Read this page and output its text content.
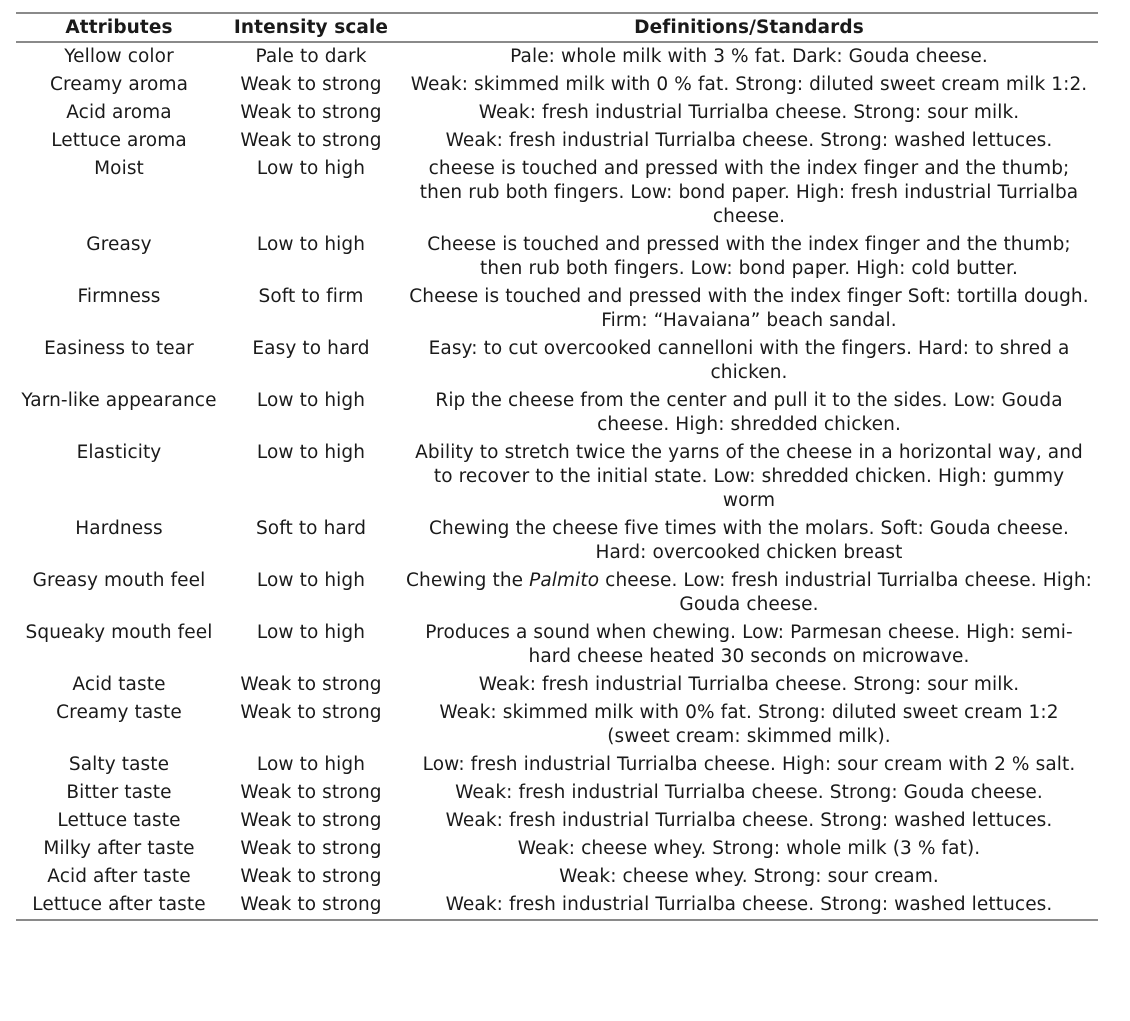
Attributes	Intensity scale	Definitions/Standards
Yellow color	Pale to dark	Pale: whole milk with 3 % fat. Dark: Gouda cheese.
Creamy aroma	Weak to strong	Weak: skimmed milk with 0 % fat. Strong: diluted sweet cream milk 1:2.
Acid aroma	Weak to strong	Weak: fresh industrial Turrialba cheese. Strong: sour milk.
Lettuce aroma	Weak to strong	Weak: fresh industrial Turrialba cheese. Strong: washed lettuces.
Moist	Low to high	cheese is touched and pressed with the index finger and the thumb; then rub both fingers. Low: bond paper. High: fresh industrial Turrialba cheese.
Greasy	Low to high	Cheese is touched and pressed with the index finger and the thumb; then rub both fingers. Low: bond paper. High: cold butter.
Firmness	Soft to firm	Cheese is touched and pressed with the index finger Soft: tortilla dough. Firm: “Havaiana” beach sandal.
Easiness to tear	Easy to hard	Easy: to cut overcooked cannelloni with the fingers. Hard: to shred a chicken.
Yarn-like appearance	Low to high	Rip the cheese from the center and pull it to the sides. Low: Gouda cheese. High: shredded chicken.
Elasticity	Low to high	Ability to stretch twice the yarns of the cheese in a horizontal way, and to recover to the initial state. Low: shredded chicken. High: gummy worm
Hardness	Soft to hard	Chewing the cheese five times with the molars. Soft: Gouda cheese. Hard: overcooked chicken breast
Greasy mouth feel	Low to high	Chewing the Palmito cheese. Low: fresh industrial Turrialba cheese. High: Gouda cheese.
Squeaky mouth feel	Low to high	Produces a sound when chewing. Low: Parmesan cheese. High: semi-hard cheese heated 30 seconds on microwave.
Acid taste	Weak to strong	Weak: fresh industrial Turrialba cheese. Strong: sour milk.
Creamy taste	Weak to strong	Weak: skimmed milk with 0% fat. Strong: diluted sweet cream 1:2 (sweet cream: skimmed milk).
Salty taste	Low to high	Low: fresh industrial Turrialba cheese. High: sour cream with 2 % salt.
Bitter taste	Weak to strong	Weak: fresh industrial Turrialba cheese. Strong: Gouda cheese.
Lettuce taste	Weak to strong	Weak: fresh industrial Turrialba cheese. Strong: washed lettuces.
Milky after taste	Weak to strong	Weak: cheese whey. Strong: whole milk (3 % fat).
Acid after taste	Weak to strong	Weak: cheese whey. Strong: sour cream.
Lettuce after taste	Weak to strong	Weak: fresh industrial Turrialba cheese. Strong: washed lettuces.
